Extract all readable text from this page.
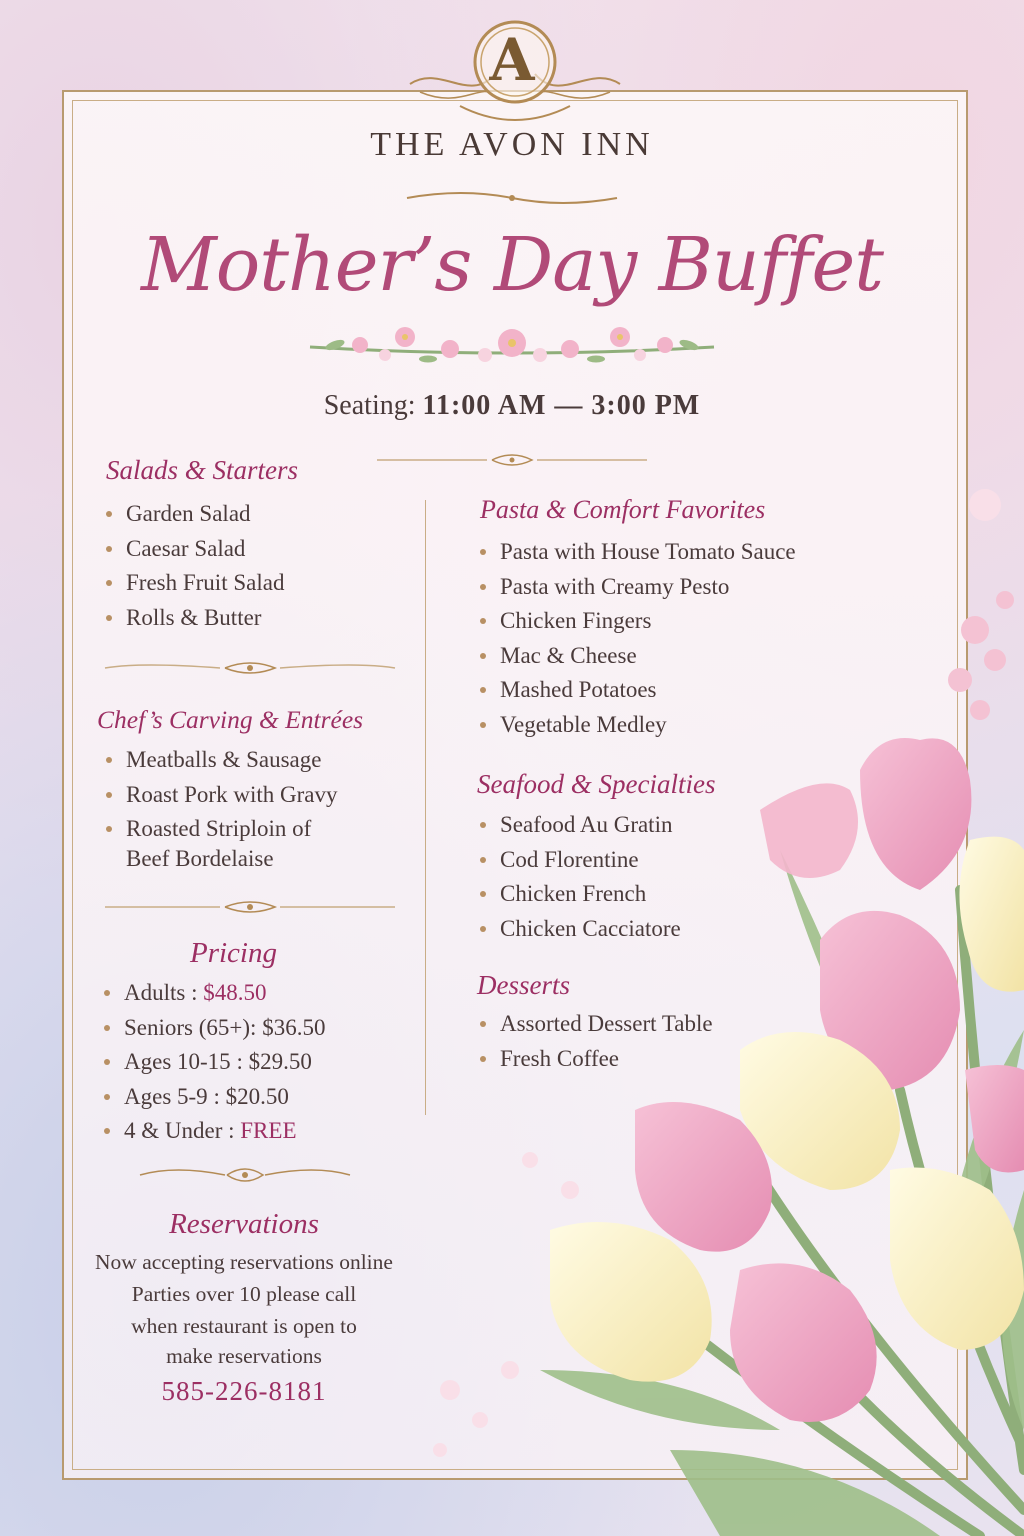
A
THE AVON INN
Mother’s Day Buffet
Seating: 11:00 AM — 3:00 PM
Salads & Starters
Garden Salad
Caesar Salad
Fresh Fruit Salad
Rolls & Butter
Chef’s Carving & Entrées
Meatballs & Sausage
Roast Pork with Gravy
Roasted Striploin of
Beef Bordelaise
Pricing
Adults : $48.50
Seniors (65+): $36.50
Ages 10-15 : $29.50
Ages 5-9 : $20.50
4 & Under : FREE
Reservations
Now accepting reservations online
Parties over 10 please call
when restaurant is open to
make reservations
585-226-8181
Pasta & Comfort Favorites
Pasta with House Tomato Sauce
Pasta with Creamy Pesto
Chicken Fingers
Mac & Cheese
Mashed Potatoes
Vegetable Medley
Seafood & Specialties
Seafood Au Gratin
Cod Florentine
Chicken French
Chicken Cacciatore
Desserts
Assorted Dessert Table
Fresh Coffee
